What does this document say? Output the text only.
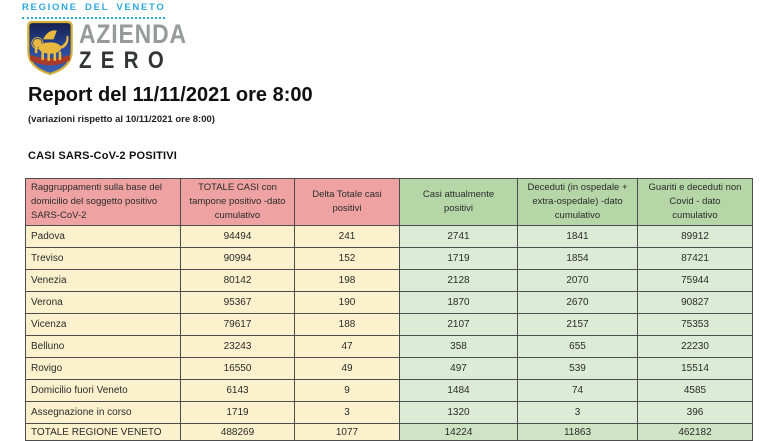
REGIONE DEL VENETO
AZIENDA
ZERO
Report del 11/11/2021 ore 8:00
(variazioni rispetto al 10/11/2021 ore 8:00)
CASI SARS-CoV-2 POSITIVI
Raggruppamenti sulla base del domicilio del soggetto positivo SARS-CoV-2	TOTALE CASI con tampone positivo -dato cumulativo	Delta Totale casi positivi	Casi attualmente positivi	Deceduti (in ospedale + extra-ospedale) -dato cumulativo	Guariti e deceduti non Covid - dato cumulativo
Padova	94494	241	2741	1841	89912
Treviso	90994	152	1719	1854	87421
Venezia	80142	198	2128	2070	75944
Verona	95367	190	1870	2670	90827
Vicenza	79617	188	2107	2157	75353
Belluno	23243	47	358	655	22230
Rovigo	16550	49	497	539	15514
Domicilio fuori Veneto	6143	9	1484	74	4585
Assegnazione in corso	1719	3	1320	3	396
TOTALE REGIONE VENETO	488269	1077	14224	11863	462182
